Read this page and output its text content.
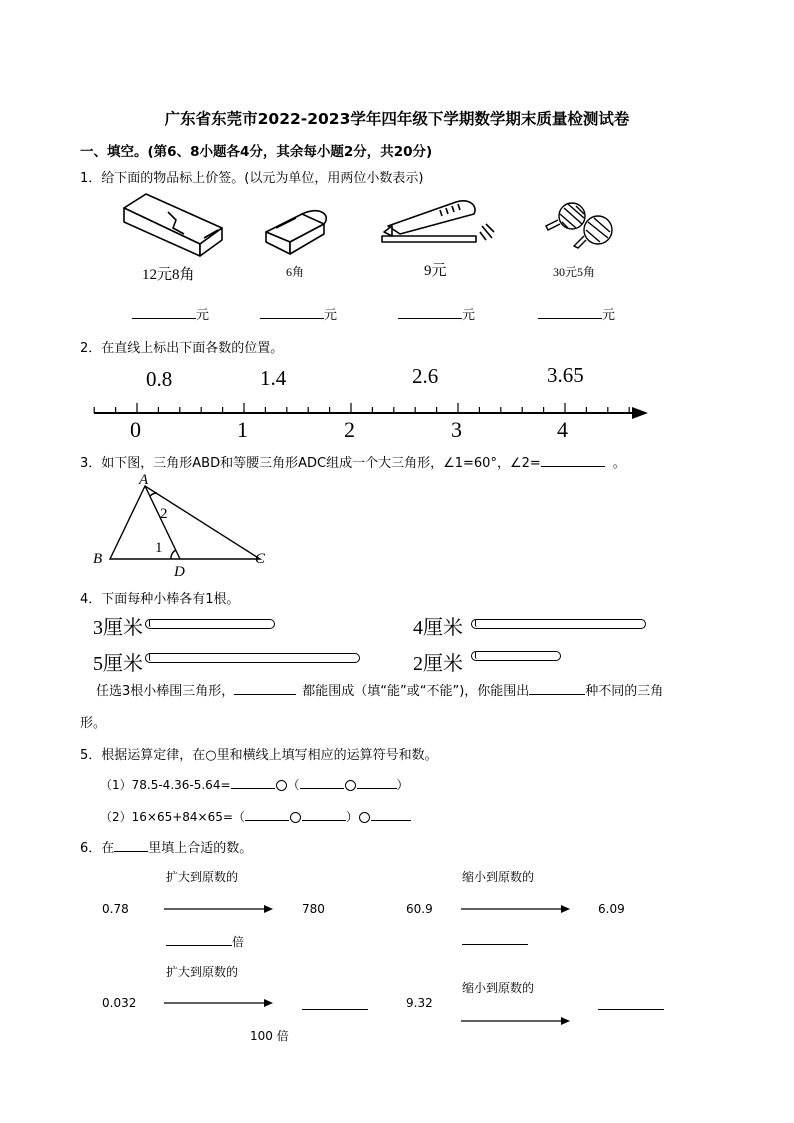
广东省东莞市2022-2023学年四年级下学期数学期末质量检测试卷
一、填空。(第6、8小题各4分，其余每小题2分，共20分)
1．给下面的物品标上价签。(以元为单位，用两位小数表示)
12元8角	6角	9元	30元5角
元	元	元	元
2．在直线上标出下面各数的位置。
0.8	1.4	2.6	3.65
0	1	2	3	4
3．如下图，三角形ABD和等腰三角形ADC组成一个大三角形，∠1=60°，∠2=	。
A
B	C
D
1
2
4．下面每种小棒各有1根。
3厘米	4厘米
5厘米	2厘米
任选3根小棒围三角形，	都能围成（填“能”或“不能”)，你能围出	种不同的三角
形。
5．根据运算定律，在○里和横线上填写相应的运算符号和数。
（1）78.5-4.36-5.64=	（	）
（2）16×65+84×65=（	）
6．在	里填上合适的数。
扩大到原数的
0.78	780
倍
缩小到原数的
60.9	6.09
扩大到原数的
0.032
100 倍
缩小到原数的
9.32
